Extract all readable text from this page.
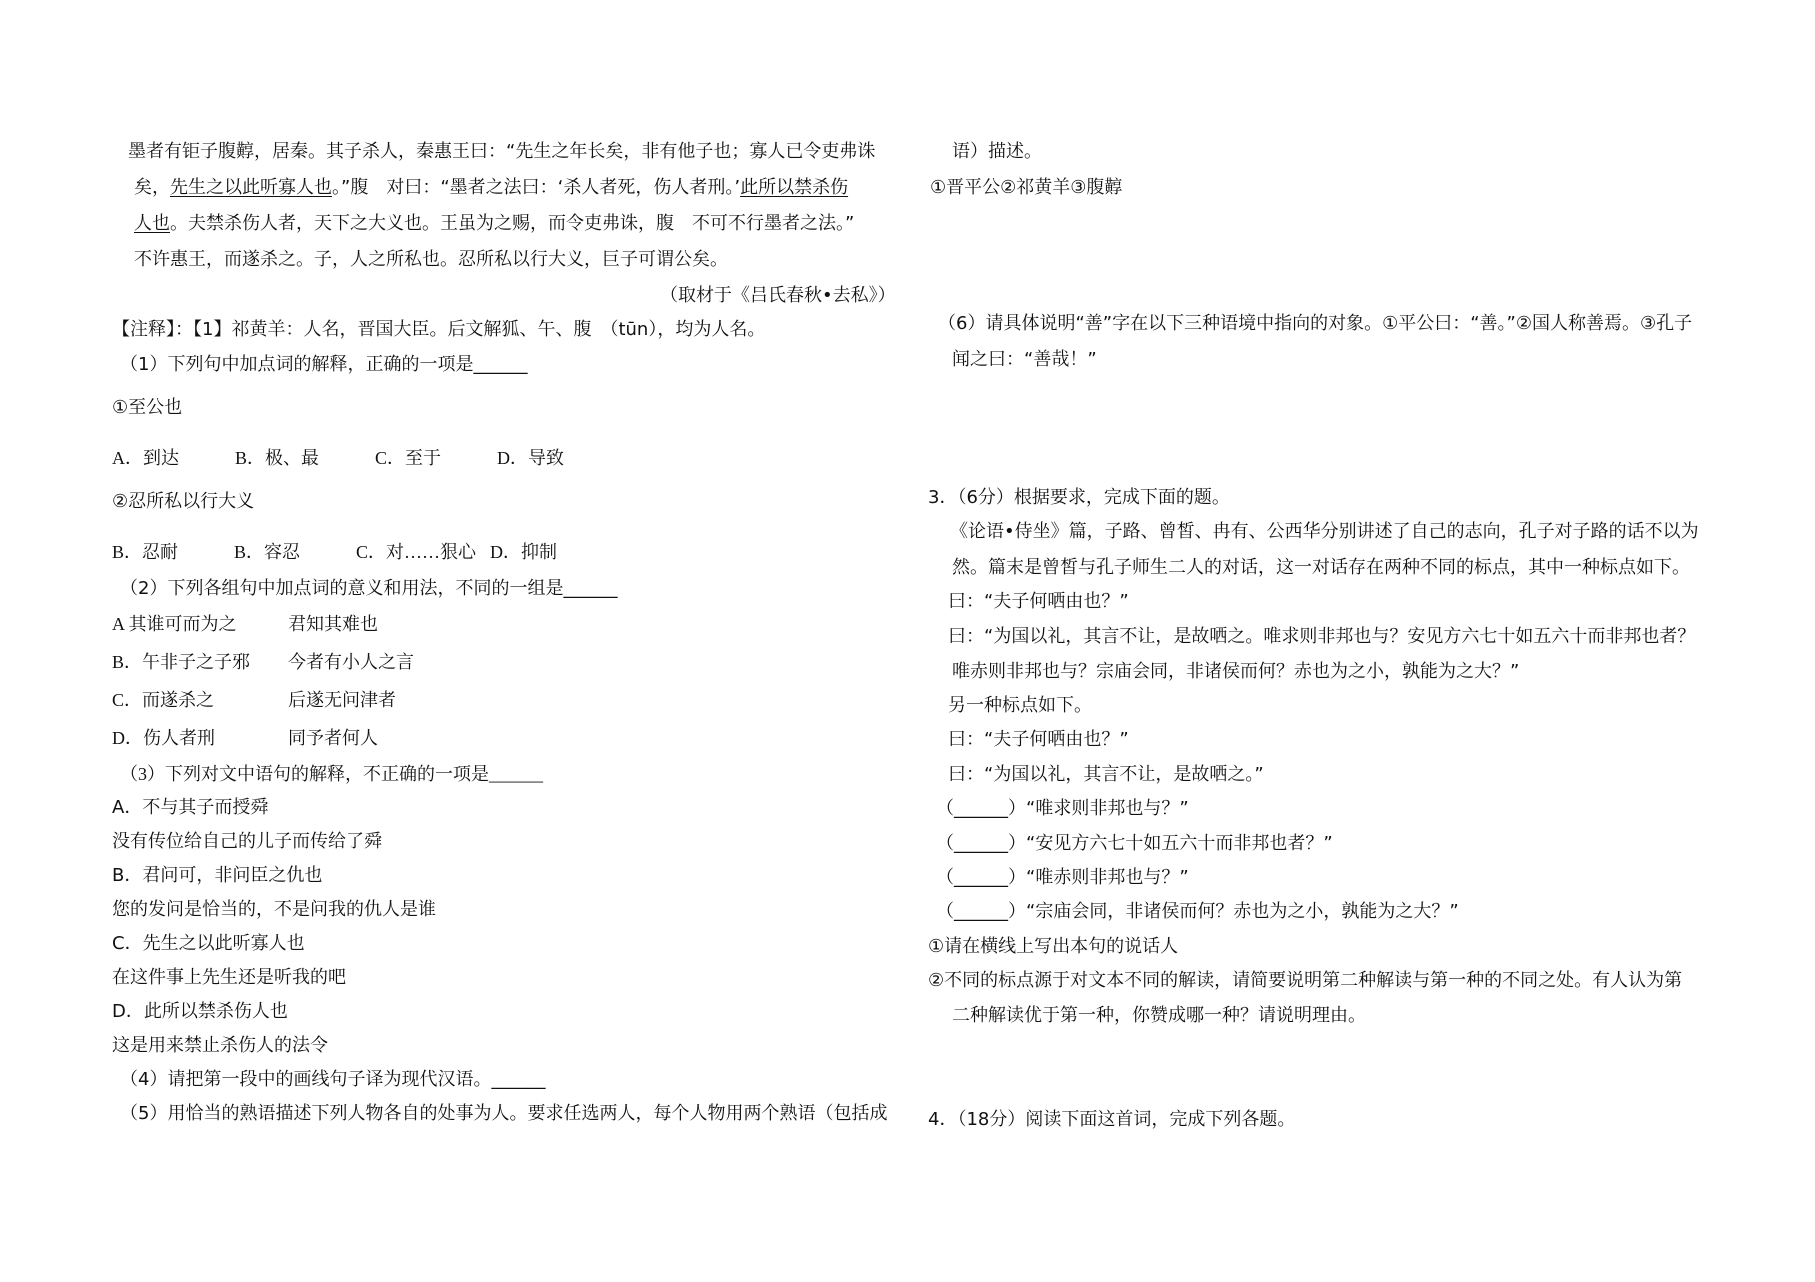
墨者有钜子腹䵍，居秦。其子杀人，秦惠王曰：“先生之年长矣，非有他子也；寡人已令吏弗诛
矣，先生之以此听寡人也。”腹　对曰：“墨者之法曰：‘杀人者死，伤人者刑。’此所以禁杀伤
人也。夫禁杀伤人者，天下之大义也。王虽为之赐，而令吏弗诛，腹　不可不行墨者之法。”
不许惠王，而遂杀之。子，人之所私也。忍所私以行大义，巨子可谓公矣。
（取材于《吕氏春秋•去私》）
【注释】：【1】祁黄羊：人名，晋国大臣。后文解狐、午、腹　（tūn），均为人名。
（1）下列句中加点词的解释，正确的一项是______
①至公也
A．到达	B．极、最	C．至于	D．导致
②忍所私以行大义
B．忍耐	B．容忍	C．对……狠心 D．抑制
（2）下列各组句中加点词的意义和用法，不同的一组是______
A 其谁可而为之	君知其难也
B．午非子之子邪 今者有小人之言
C．而遂杀之	后遂无问津者
D．伤人者刑	同予者何人
（3）下列对文中语句的解释，不正确的一项是______
A．不与其子而授舜
没有传位给自己的儿子而传给了舜
B．君问可，非问臣之仇也
您的发问是恰当的，不是问我的仇人是谁
C．先生之以此听寡人也
在这件事上先生还是听我的吧
D．此所以禁杀伤人也
这是用来禁止杀伤人的法令
（4）请把第一段中的画线句子译为现代汉语。______
（5）用恰当的熟语描述下列人物各自的处事为人。要求任选两人，每个人物用两个熟语（包括成
语）描述。
①晋平公②祁黄羊③腹䵍
（6）请具体说明“善”字在以下三种语境中指向的对象。①平公曰：“善。”②国人称善焉。③孔子
闻之曰：“善哉！”
3．（6分）根据要求，完成下面的题。
《论语•侍坐》篇，子路、曾皙、冉有、公西华分别讲述了自己的志向，孔子对子路的话不以为
然。篇末是曾皙与孔子师生二人的对话，这一对话存在两种不同的标点，其中一种标点如下。
曰：“夫子何哂由也？”
曰：“为国以礼，其言不让，是故哂之。唯求则非邦也与？安见方六七十如五六十而非邦也者？
唯赤则非邦也与？宗庙会同，非诸侯而何？赤也为之小，孰能为之大？”
另一种标点如下。
曰：“夫子何哂由也？”
曰：“为国以礼，其言不让，是故哂之。”
（______）“唯求则非邦也与？”
（______）“安见方六七十如五六十而非邦也者？”
（______）“唯赤则非邦也与？”
（______）“宗庙会同，非诸侯而何？赤也为之小，孰能为之大？”
①请在横线上写出本句的说话人
②不同的标点源于对文本不同的解读，请简要说明第二种解读与第一种的不同之处。有人认为第
二种解读优于第一种，你赞成哪一种？请说明理由。
4．（18分）阅读下面这首词，完成下列各题。
